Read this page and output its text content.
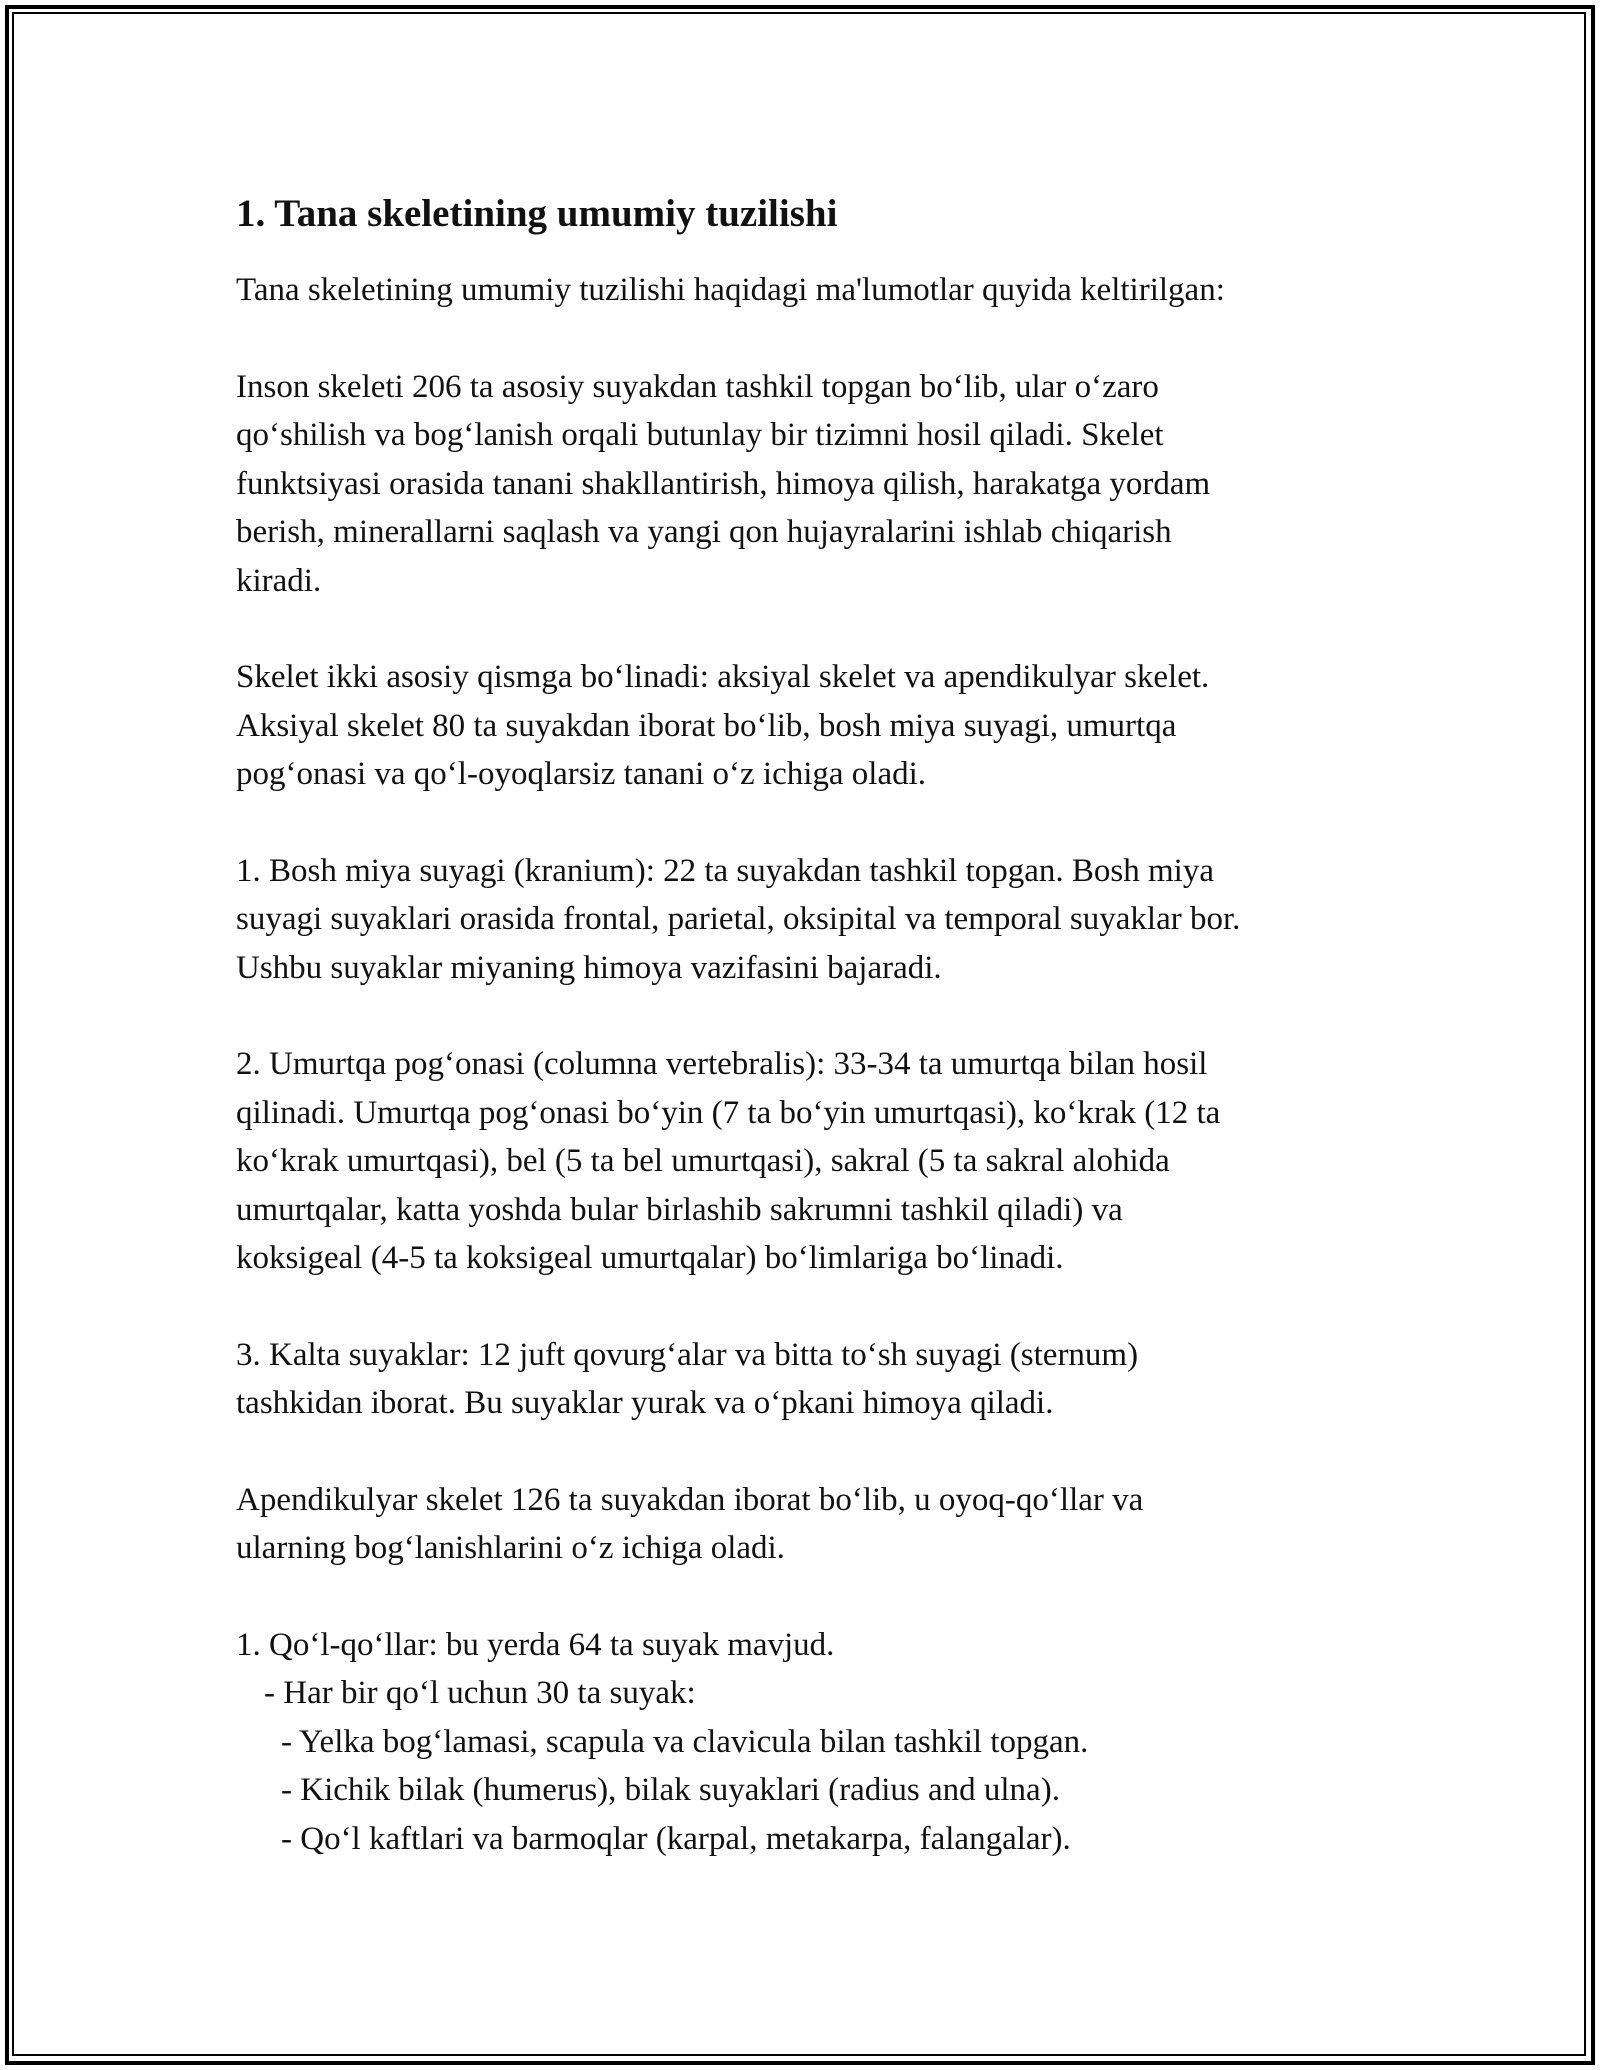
1. Tana skeletining umumiy tuzilishi

Tana skeletining umumiy tuzilishi haqidagi ma'lumotlar quyida keltirilgan:

Inson skeleti 206 ta asosiy suyakdan tashkil topgan bo‘lib, ular o‘zaro
qo‘shilish va bog‘lanish orqali butunlay bir tizimni hosil qiladi. Skelet
funktsiyasi orasida tanani shakllantirish, himoya qilish, harakatga yordam
berish, minerallarni saqlash va yangi qon hujayralarini ishlab chiqarish
kiradi.

Skelet ikki asosiy qismga bo‘linadi: aksiyal skelet va apendikulyar skelet.
Aksiyal skelet 80 ta suyakdan iborat bo‘lib, bosh miya suyagi, umurtqa
pog‘onasi va qo‘l-oyoqlarsiz tanani o‘z ichiga oladi.

1. Bosh miya suyagi (kranium): 22 ta suyakdan tashkil topgan. Bosh miya
suyagi suyaklari orasida frontal, parietal, oksipital va temporal suyaklar bor.
Ushbu suyaklar miyaning himoya vazifasini bajaradi.

2. Umurtqa pog‘onasi (columna vertebralis): 33-34 ta umurtqa bilan hosil
qilinadi. Umurtqa pog‘onasi bo‘yin (7 ta bo‘yin umurtqasi), ko‘krak (12 ta
ko‘krak umurtqasi), bel (5 ta bel umurtqasi), sakral (5 ta sakral alohida
umurtqalar, katta yoshda bular birlashib sakrumni tashkil qiladi) va
koksigeal (4-5 ta koksigeal umurtqalar) bo‘limlariga bo‘linadi.

3. Kalta suyaklar: 12 juft qovurg‘alar va bitta to‘sh suyagi (sternum)
tashkidan iborat. Bu suyaklar yurak va o‘pkani himoya qiladi.

Apendikulyar skelet 126 ta suyakdan iborat bo‘lib, u oyoq-qo‘llar va
ularning bog‘lanishlarini o‘z ichiga oladi.

1. Qo‘l-qo‘llar: bu yerda 64 ta suyak mavjud.
- Har bir qo‘l uchun 30 ta suyak:
- Yelka bog‘lamasi, scapula va clavicula bilan tashkil topgan.
- Kichik bilak (humerus), bilak suyaklari (radius and ulna).
- Qo‘l kaftlari va barmoqlar (karpal, metakarpa, falangalar).
